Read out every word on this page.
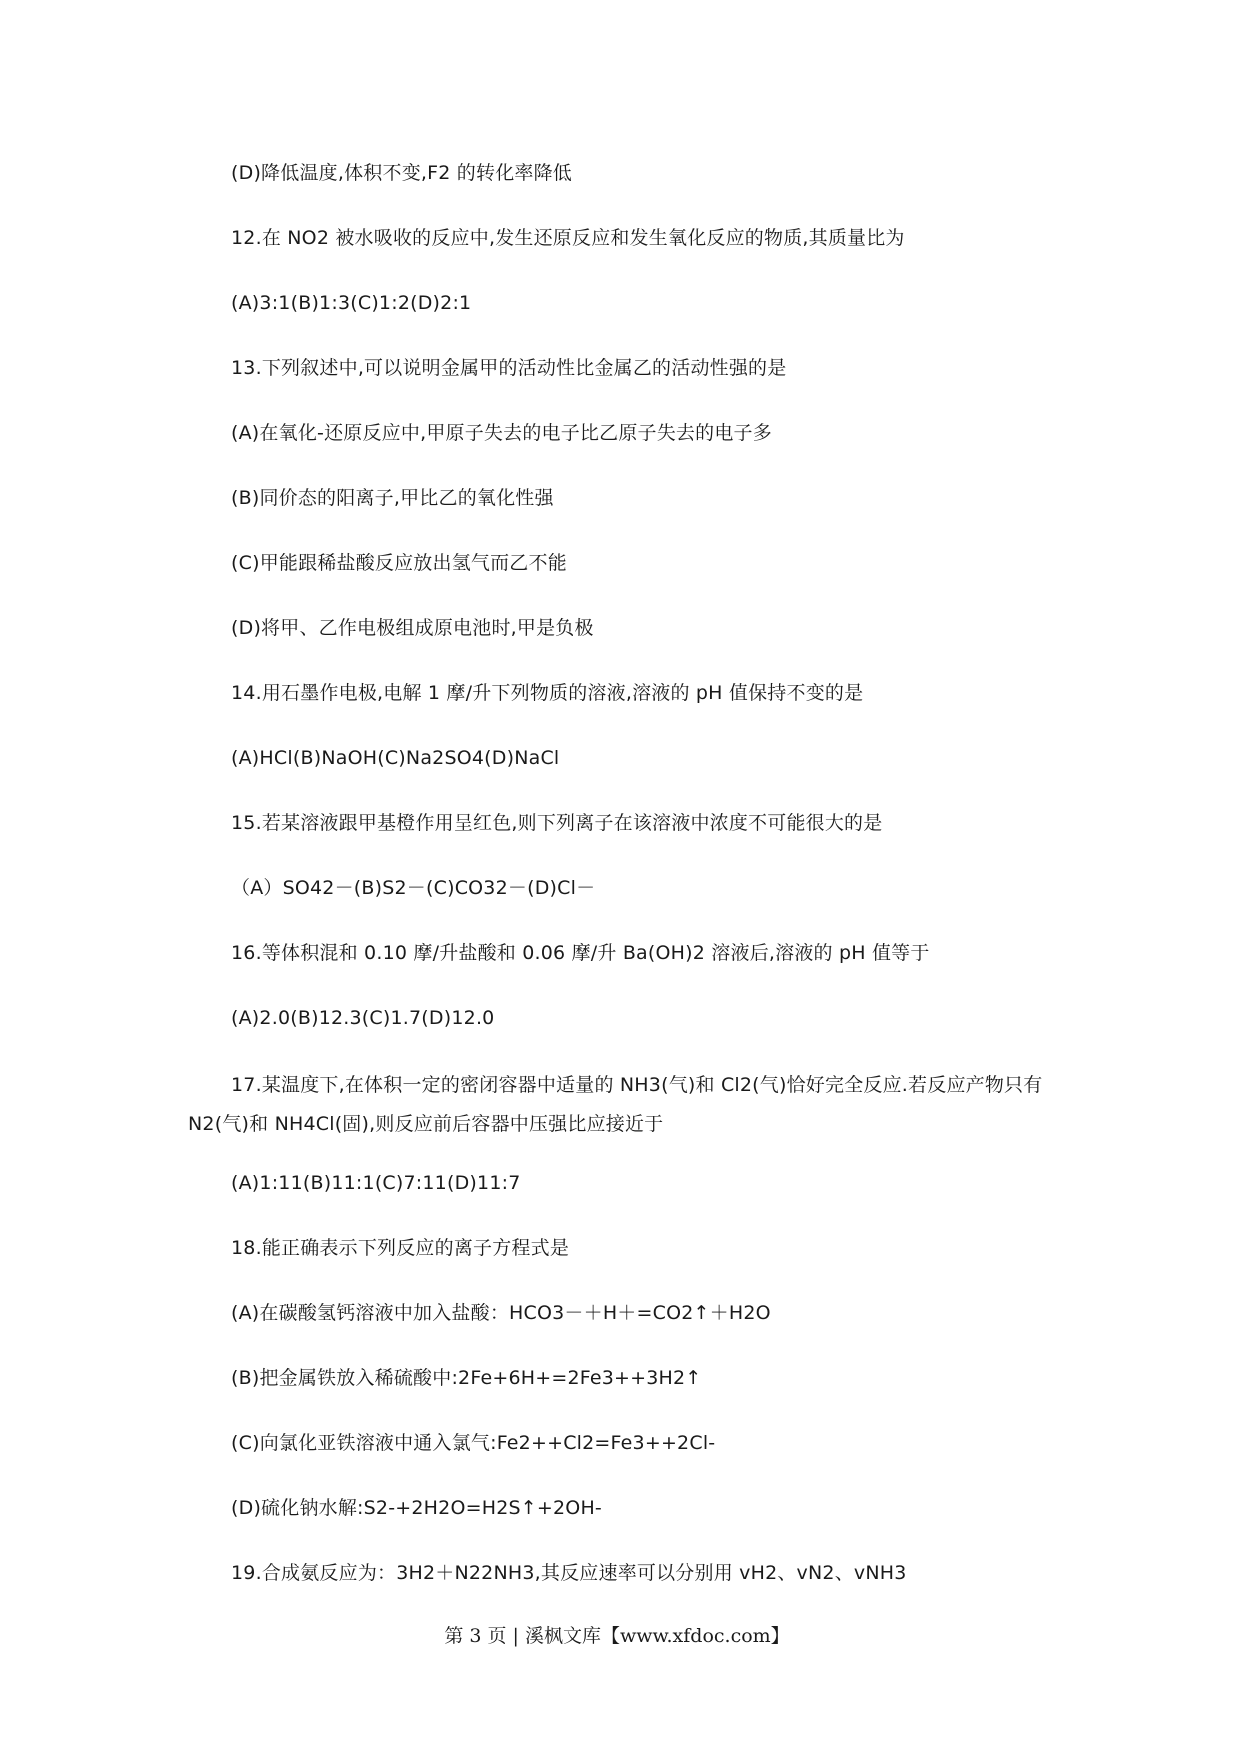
(D)降低温度,体积不变,F2 的转化率降低
12.在 NO2 被水吸收的反应中,发生还原反应和发生氧化反应的物质,其质量比为
(A)3:1(B)1:3(C)1:2(D)2:1
13.下列叙述中,可以说明金属甲的活动性比金属乙的活动性强的是
(A)在氧化-还原反应中,甲原子失去的电子比乙原子失去的电子多
(B)同价态的阳离子,甲比乙的氧化性强
(C)甲能跟稀盐酸反应放出氢气而乙不能
(D)将甲、乙作电极组成原电池时,甲是负极
14.用石墨作电极,电解 1 摩/升下列物质的溶液,溶液的 pH 值保持不变的是
(A)HCl(B)NaOH(C)Na2SO4(D)NaCl
15.若某溶液跟甲基橙作用呈红色,则下列离子在该溶液中浓度不可能很大的是
（A）SO42－(B)S2－(C)CO32－(D)Cl－
16.等体积混和 0.10 摩/升盐酸和 0.06 摩/升 Ba(OH)2 溶液后,溶液的 pH 值等于
(A)2.0(B)12.3(C)1.7(D)12.0
17.某温度下,在体积一定的密闭容器中适量的 NH3(气)和 Cl2(气)恰好完全反应.若反应产物只有 N2(气)和 NH4Cl(固),则反应前后容器中压强比应接近于
(A)1:11(B)11:1(C)7:11(D)11:7
18.能正确表示下列反应的离子方程式是
(A)在碳酸氢钙溶液中加入盐酸：HCO3－＋H＋=CO2↑＋H2O
(B)把金属铁放入稀硫酸中:2Fe+6H+=2Fe3++3H2↑
(C)向氯化亚铁溶液中通入氯气:Fe2++Cl2=Fe3++2Cl-
(D)硫化钠水解:S2-+2H2O=H2S↑+2OH-
19.合成氨反应为：3H2＋N22NH3,其反应速率可以分别用 vH2、vN2、vNH3
第 3 页 | 溪枫文库【www.xfdoc.com】
